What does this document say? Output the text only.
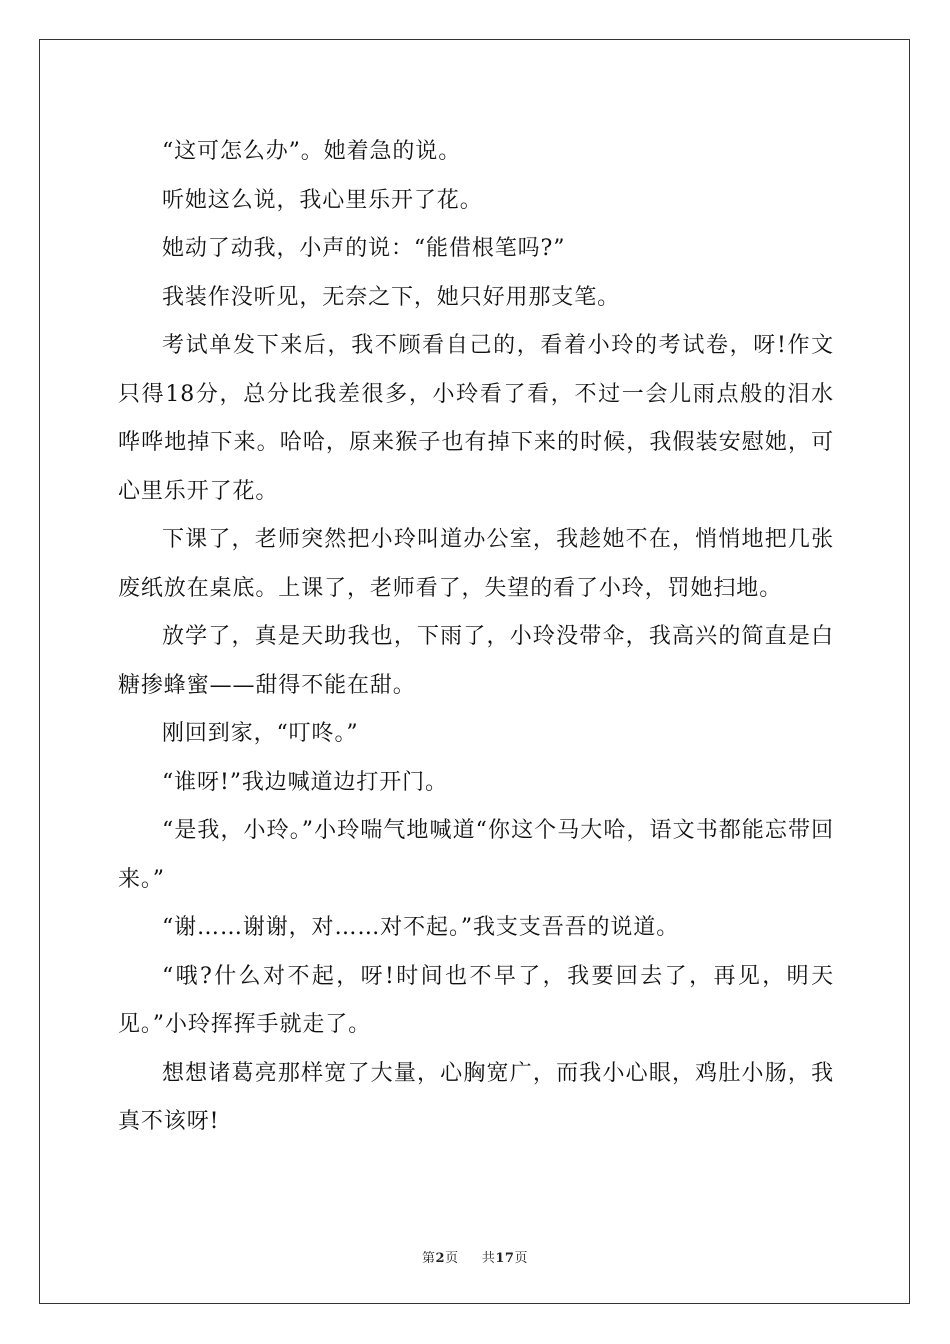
“这可怎么办”。她着急的说。

听她这么说，我心里乐开了花。

她动了动我，小声的说：“能借根笔吗?”

我装作没听见，无奈之下，她只好用那支笔。

考试单发下来后，我不顾看自己的，看着小玲的考试卷，呀!作文只得18分，总分比我差很多，小玲看了看，不过一会儿雨点般的泪水哗哗地掉下来。哈哈，原来猴子也有掉下来的时候，我假装安慰她，可心里乐开了花。

下课了，老师突然把小玲叫道办公室，我趁她不在，悄悄地把几张废纸放在桌底。上课了，老师看了，失望的看了小玲，罚她扫地。

放学了，真是天助我也，下雨了，小玲没带伞，我高兴的简直是白糖掺蜂蜜——甜得不能在甜。

刚回到家，“叮咚。”

“谁呀!”我边喊道边打开门。

“是我，小玲。”小玲喘气地喊道“你这个马大哈，语文书都能忘带回来。”

“谢……谢谢，对……对不起。”我支支吾吾的说道。

“哦?什么对不起，呀!时间也不早了，我要回去了，再见，明天见。”小玲挥挥手就走了。

想想诸葛亮那样宽了大量，心胸宽广，而我小心眼，鸡肚小肠，我真不该呀!

第2页 共17页
